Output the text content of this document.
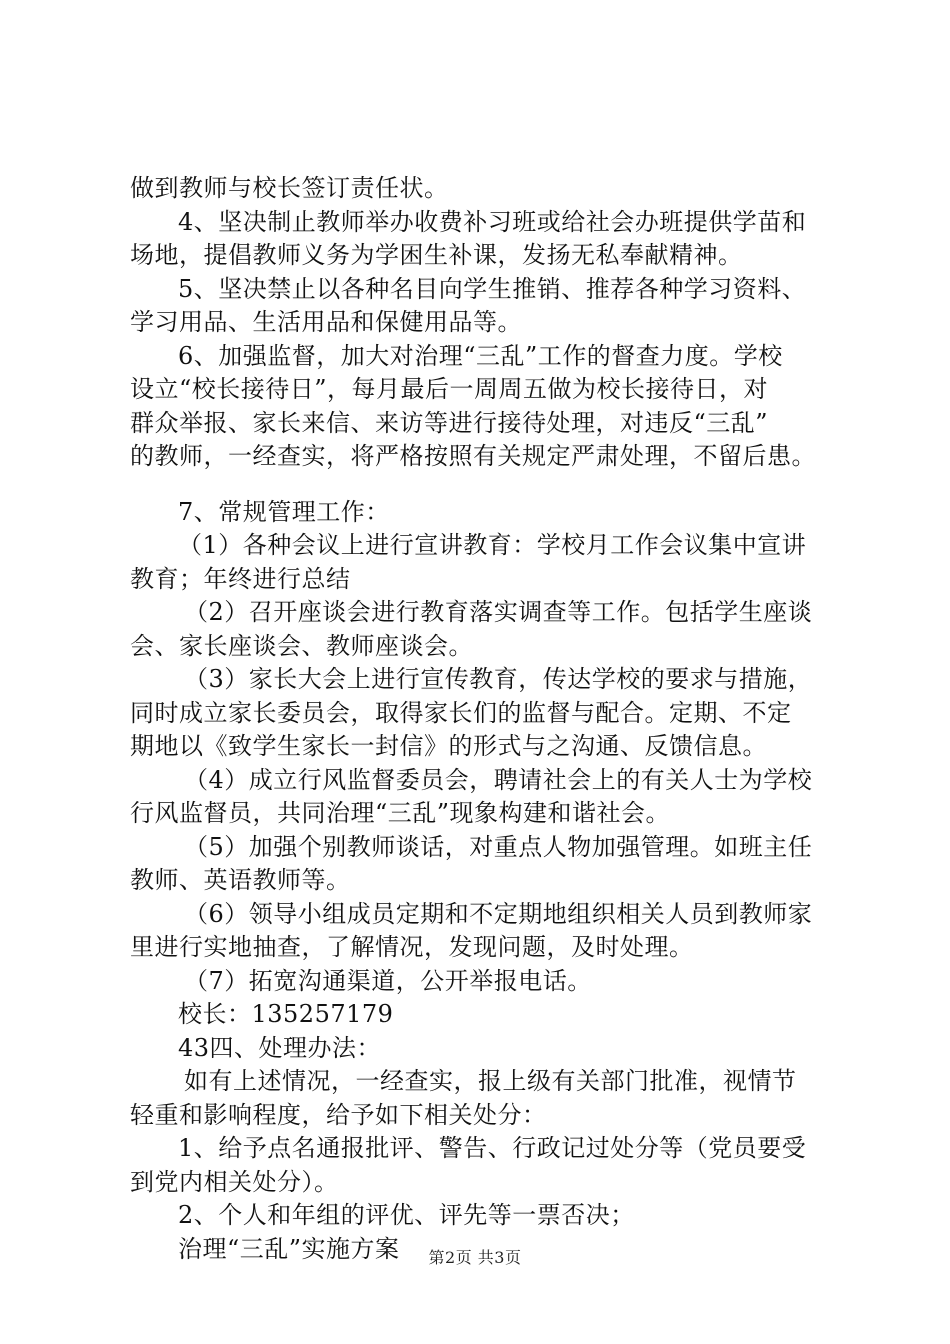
做到教师与校长签订责任状。
4、坚决制止教师举办收费补习班或给社会办班提供学苗和
场地，提倡教师义务为学困生补课，发扬无私奉献精神。
5、坚决禁止以各种名目向学生推销、推荐各种学习资料、
学习用品、生活用品和保健用品等。
6、加强监督，加大对治理“三乱”工作的督查力度。学校
设立“校长接待日”，每月最后一周周五做为校长接待日，对
群众举报、家长来信、来访等进行接待处理，对违反“三乱”
的教师，一经查实，将严格按照有关规定严肃处理，不留后患。
7、常规管理工作：
（1）各种会议上进行宣讲教育：学校月工作会议集中宣讲
教育；年终进行总结
（2）召开座谈会进行教育落实调查等工作。包括学生座谈
会、家长座谈会、教师座谈会。
（3）家长大会上进行宣传教育，传达学校的要求与措施，
同时成立家长委员会，取得家长们的监督与配合。定期、不定
期地以《致学生家长一封信》的形式与之沟通、反馈信息。
（4）成立行风监督委员会，聘请社会上的有关人士为学校
行风监督员，共同治理“三乱”现象构建和谐社会。
（5）加强个别教师谈话，对重点人物加强管理。如班主任
教师、英语教师等。
（6）领导小组成员定期和不定期地组织相关人员到教师家
里进行实地抽查，了解情况，发现问题，及时处理。
（7）拓宽沟通渠道，公开举报电话。
校长：135257179
43四、处理办法：
如有上述情况，一经查实，报上级有关部门批准，视情节
轻重和影响程度，给予如下相关处分：
1、给予点名通报批评、警告、行政记过处分等（党员要受
到党内相关处分）。
2、个人和年组的评优、评先等一票否决；
治理“三乱”实施方案	第2页 共3页
